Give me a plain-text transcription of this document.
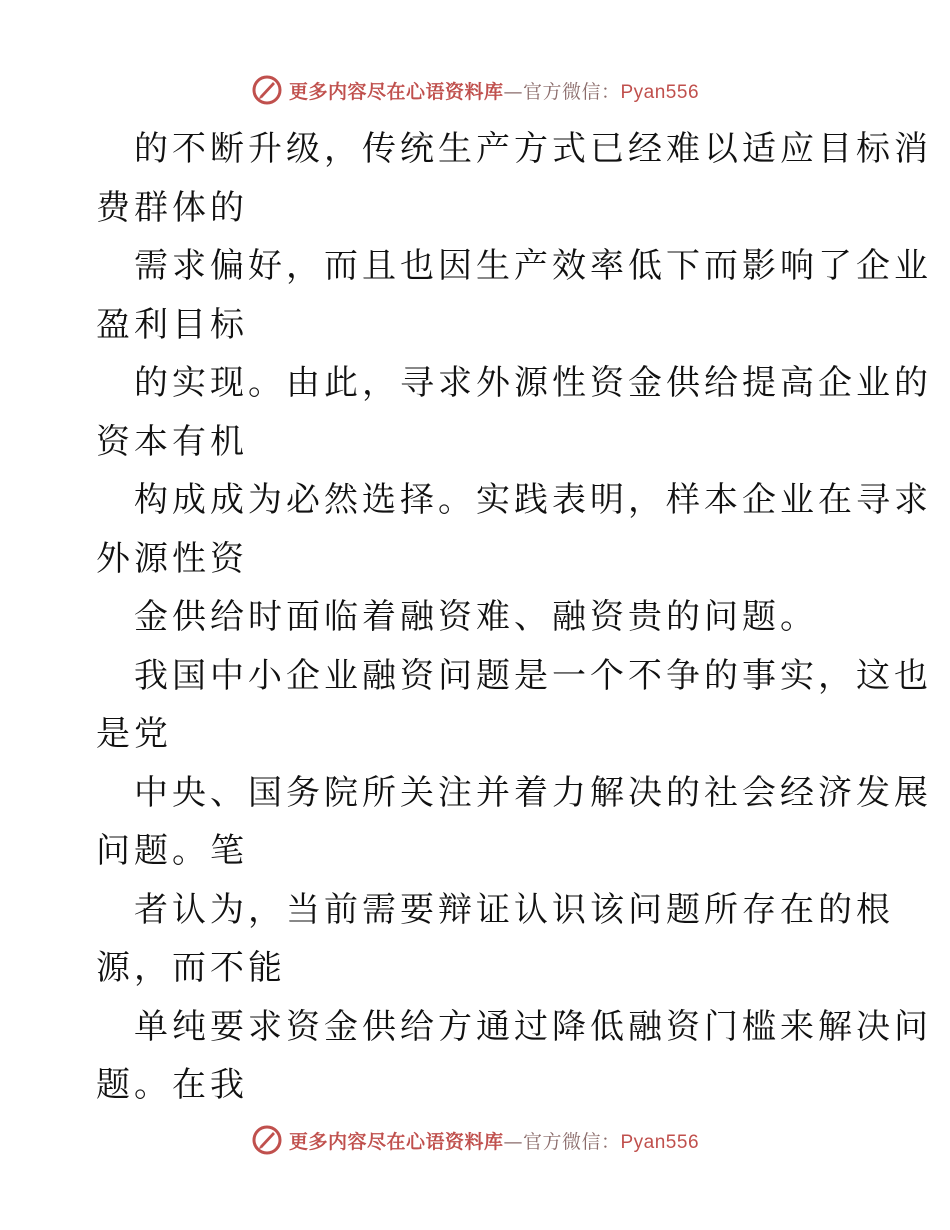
更多内容尽在心语资料库—官方微信：Pyan556
的不断升级，传统生产方式已经难以适应目标消
费群体的
需求偏好，而且也因生产效率低下而影响了企业
盈利目标
的实现。由此，寻求外源性资金供给提高企业的
资本有机
构成成为必然选择。实践表明，样本企业在寻求
外源性资
金供给时面临着融资难、融资贵的问题。
我国中小企业融资问题是一个不争的事实，这也
是党
中央、国务院所关注并着力解决的社会经济发展
问题。笔
者认为，当前需要辩证认识该问题所存在的根
源，而不能
单纯要求资金供给方通过降低融资门槛来解决问
题。在我
更多内容尽在心语资料库—官方微信：Pyan556
